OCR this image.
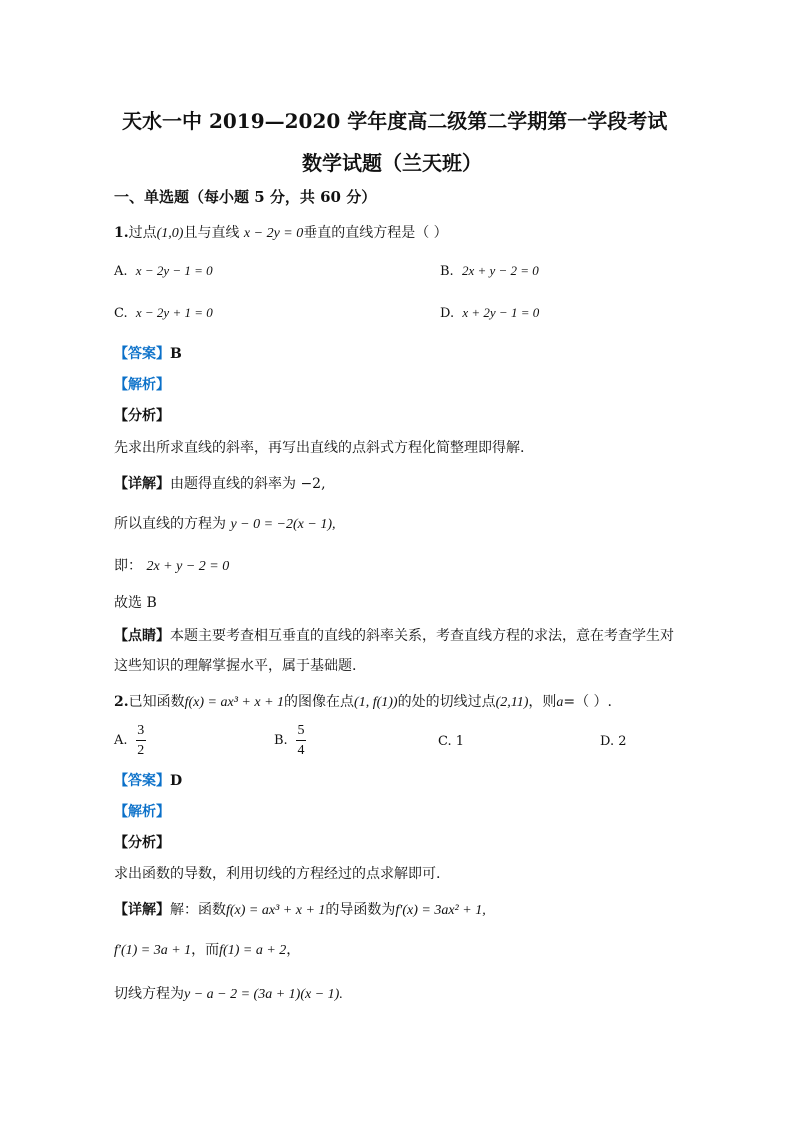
天水一中 2019—2020 学年度高二级第二学期第一学段考试
数学试题（兰天班）
一、单选题（每小题 5 分，共 60 分）
1.过点(1,0)且与直线 x − 2y = 0垂直的直线方程是（ ）
A. x − 2y − 1 = 0	B. 2x + y − 2 = 0
C. x − 2y + 1 = 0	D. x + 2y − 1 = 0
【答案】B
【解析】
【分析】
先求出所求直线的斜率，再写出直线的点斜式方程化简整理即得解.
【详解】由题得直线的斜率为 −2,
所以直线的方程为 y − 0 = −2(x − 1),
即： 2x + y − 2 = 0
故选 B
【点睛】本题主要考查相互垂直的直线的斜率关系，考查直线方程的求法，意在考查学生对
这些知识的理解掌握水平，属于基础题.
2.已知函数f(x) = ax³ + x + 1的图像在点(1, f(1))的处的切线过点(2,11)，则a=（ ）.
A. $\frac{3}{2}$	B. $\frac{5}{4}$	C. 1	D. 2
【答案】D
【解析】
【分析】
求出函数的导数，利用切线的方程经过的点求解即可.
【详解】解：函数f(x) = ax³ + x + 1的导函数为f′(x) = 3ax² + 1,
f′(1) = 3a + 1，而f(1) = a + 2，
切线方程为y − a − 2 = (3a + 1)(x − 1).
